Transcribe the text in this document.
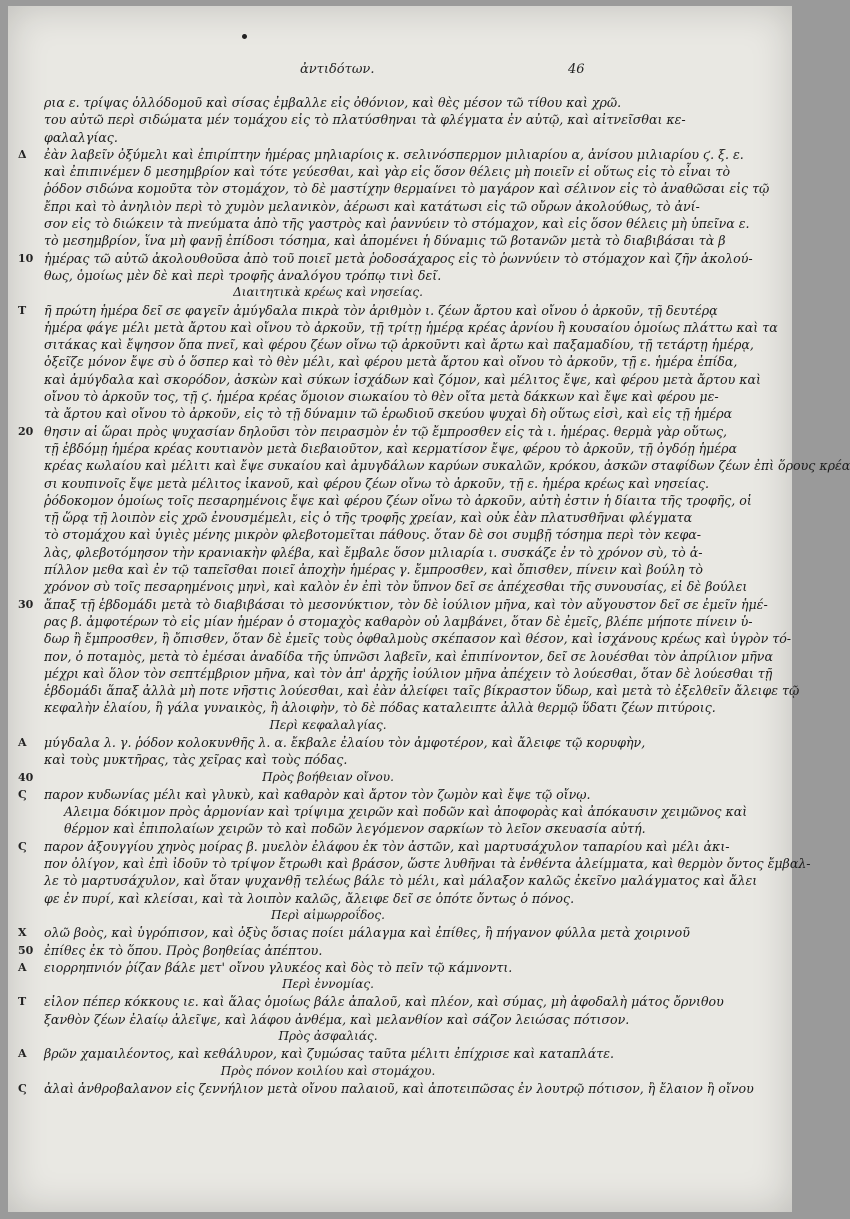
ἀντιδότων.	46
ρια ε. τρίψας ὁλλόδομοῦ καὶ σίσας ἐμβαλλε εἰς ὀθόνιον, καὶ θὲς μέσον τῶ τίθου καὶ χρῶ.
του αὐτῶ περὶ σιδώματα μέν τομάχου εἰς τὸ πλατύσθηναι τὰ φλέγματα ἐν αὐτῷ, καὶ αἰτνεῖσθαι κε-
φαλαλγίας.
Δ	ἐὰν λαβεῖν ὀξύμελι καὶ ἐπιρίπτην ἡμέρας μηλιαρίοις κ. σελινόσπερμον μιλιαρίου α, ἀνίσου μιλιαρίου ϛ. ξ. ε.
καὶ ἐπιπινέμεν δ μεσημβρίον καὶ τότε γεύεσθαι, καὶ γὰρ εἰς ὅσον θέλεις μὴ ποιεῖν εἰ οὕτως εἰς τὸ εἶναι τὸ
ῥόδον σιδώνα κομοῦτα τὸν στομάχον, τὸ δὲ μαστίχην θερμαίνει τὸ μαγάρον καὶ σέλινον εἰς τὸ ἀναθῶσαι εἰς τῷ
ἔπρι καὶ τὸ ἀνηλιὸν περὶ τὸ χυμὸν μελανικὸν, ἀέρωσι καὶ κατάτωσι εἰς τῶ οὔρων ἀκολούθως, τὸ ἀνί-
σον εἰς τὸ διώκειν τὰ πνεύματα ἀπὸ τῆς γαστρὸς καὶ ῥαννύειν τὸ στόμαχον, καὶ εἰς ὅσον θέλεις μὴ ὑπεῖνα ε.
τὸ μεσημβρίον, ἵνα μὴ φανῇ ἐπίδοσι τόσημα, καὶ ἀπομένει ἡ δύναμις τῶ βοτανῶν μετὰ τὸ διαβιβάσαι τὰ β
10 ἡμέρας τῶ αὐτῶ ἀκολουθοῦσα ἀπὸ τοῦ ποιεῖ μετὰ ῥοδοσάχαρος εἰς τὸ ῥωννύειν τὸ στόμαχον καὶ ζῆν ἀκολού-
θως, ὁμοίως μὲν δὲ καὶ περὶ τροφῆς ἀναλόγου τρόπῳ τινὶ δεῖ.
Διαιτητικὰ κρέως καὶ νησείας.
Τ	ῆ πρώτη ἡμέρα δεῖ σε φαγεῖν ἀμύγδαλα πικρὰ τὸν ἀριθμὸν ι. ζέων ἄρτου καὶ οἴνου ὁ ἀρκοῦν, τῇ δευτέρᾳ
ἡμέρα φάγε μέλι μετὰ ἄρτου καὶ οἴνου τὸ ἀρκοῦν, τῇ τρίτῃ ἡμέρᾳ κρέας ἀρνίου ἢ κουσαίου ὁμοίως πλάττω καὶ τα
σιτάκας καὶ ἔψησον ὅπα πνεῖ, καὶ φέρου ζέων οἴνω τῷ ἀρκοῦντι καὶ ἄρτω καὶ παξαμαδίου, τῇ τετάρτῃ ἡμέρᾳ,
ὁξεῖζε μόνον ἔψε σὺ ὁ ὅσπερ καὶ τὸ θὲν μέλι, καὶ φέρου μετὰ ἄρτου καὶ οἴνου τὸ ἀρκοῦν, τῇ ε. ἡμέρα ἐπίδα,
καὶ ἀμύγδαλα καὶ σκορόδον, ἀσκὼν καὶ σύκων ἰσχάδων καὶ ζόμον, καὶ μέλιτος ἔψε, καὶ φέρου μετὰ ἄρτου καὶ
οἴνου τὸ ἀρκοῦν τος, τῇ ϛ. ἡμέρα κρέας ὅμοιον σιωκαίου τὸ θὲν οἴτα μετὰ δάκκων καὶ ἔψε καὶ φέρου με-
τὰ ἄρτου καὶ οἴνου τὸ ἀρκοῦν, εἰς τὸ τῇ δύναμιν τῶ ἑρωδιοῦ σκεύου ψυχαὶ δὴ οὕτως εἰσὶ, καὶ εἰς τῇ ἡμέρα
20 θησιν αἱ ὥραι πρὸς ψυχασίαν δηλοῦσι τὸν πειρασμὸν ἐν τῷ ἔμπροσθεν εἰς τὰ ι. ἡμέρας. θερμὰ γὰρ οὕτως,
τῇ ἑβδόμῃ ἡμέρα κρέας κουτιανὸν μετὰ διεβαιοῦτον, καὶ κερματίσον ἔψε, φέρου τὸ ἀρκοῦν, τῇ ὀγδόῃ ἡμέρα
κρέας κωλαίου καὶ μέλιτι καὶ ἔψε συκαίου καὶ ἀμυγδάλων καρύων συκαλῶν, κρόκου, ἀσκῶν σταφίδων ζέων ἐπὶ ὅρους κρέα
σι κουπινοῖς ἔψε μετὰ μέλιτος ἰκανοῦ, καὶ φέρου ζέων οἴνω τὸ ἀρκοῦν, τῇ ε. ἡμέρα κρέως καὶ νησείας.
ῥόδοκομον ὁμοίως τοῖς πεσαρημένοις ἔψε καὶ φέρου ζέων οἴνω τὸ ἀρκοῦν, αὐτὴ ἐστιν ἡ δίαιτα τῆς τροφῆς, οἱ
τῇ ὥρᾳ τῇ λοιπὸν εἰς χρῶ ἐνουσμέμελι, εἰς ὁ τῆς τροφῆς χρείαν, καὶ οὐκ ἐὰν πλατυσθῆναι φλέγματα
τὸ στομάχου καὶ ὑγιὲς μένης μικρὸν φλεβοτομεῖται πάθους. ὅταν δὲ σοι συμβῇ τόσημα περὶ τὸν κεφα-
λὰς, φλεβοτόμησον τὴν κρανιακὴν φλέβα, καὶ ἔμβαλε ὅσον μιλιαρία ι. συσκάζε ἐν τὸ χρόνον σὺ, τὸ ἀ-
πίλλον μεθα καὶ ἐν τῷ ταπεῖσθαι ποιεῖ ἀποχὴν ἡμέρας γ. ἔμπροσθεν, καὶ ὄπισθεν, πίνειν καὶ βούλη τὸ
χρόνον σὺ τοῖς πεσαρημένοις μηνὶ, καὶ καλὸν ἐν ἐπὶ τὸν ὕπνον δεῖ σε ἀπέχεσθαι τῆς συνουσίας, εἰ δὲ βούλει
30 ἅπαξ τῇ ἑβδομάδι μετὰ τὸ διαβιβάσαι τὸ μεσονύκτιον, τὸν δὲ ἰούλιον μῆνα, καὶ τὸν αὔγουστον δεῖ σε ἐμεῖν ἡμέ-
ρας β. ἀμφοτέρων τὸ εἰς μίαν ἡμέραν ὁ στομαχὸς καθαρὸν οὐ λαμβάνει, ὅταν δὲ ἐμεῖς, βλέπε μήποτε πίνειν ὑ-
δωρ ἢ ἔμπροσθεν, ἢ ὄπισθεν, ὅταν δὲ ἐμεῖς τοὺς ὀφθαλμοὺς σκέπασον καὶ θέσον, καὶ ἰσχάνους κρέως καὶ ὑγρὸν τό-
πον, ὁ ποταμὸς, μετὰ τὸ ἐμέσαι ἀναδίδα τῆς ὑπνῶσι λαβεῖν, καὶ ἐπιπίνοντον, δεῖ σε λουέσθαι τὸν ἀπρίλιον μῆνα
μέχρι καὶ ὅλον τὸν σεπτέμβριον μῆνα, καὶ τὸν ἀπ' ἀρχῆς ἰούλιον μῆνα ἀπέχειν τὸ λούεσθαι, ὅταν δὲ λούεσθαι τῇ
ἑβδομάδι ἅπαξ ἀλλὰ μὴ ποτε νῆστις λούεσθαι, καὶ ἐὰν ἀλείφει ταῖς βίκραστον ὕδωρ, καὶ μετὰ τὸ ἐξελθεῖν ἄλειφε τῷ
κεφαλὴν ἐλαίου, ἢ γάλα γυναικὸς, ἢ ἀλοιφὴν, τὸ δὲ πόδας καταλειπτε ἀλλὰ θερμῷ ὕδατι ζέων πιτύροις.
Περὶ κεφαλαλγίας.
Α	μύγδαλα λ. γ. ῥόδον κολοκυνθῆς λ. α. ἔκβαλε ἐλαίου τὸν ἀμφοτέρον, καὶ ἄλειφε τῷ κορυφὴν,
καὶ τοὺς μυκτῆρας, τὰς χεῖρας καὶ τοὺς πόδας.
40	Πρὸς βοήθειαν οἴνου.
Ϛ	παρον κυδωνίας μέλι καὶ γλυκὺ, καὶ καθαρὸν καὶ ἄρτον τὸν ζωμὸν καὶ ἔψε τῷ οἴνῳ.
Αλειμα δόκιμον πρὸς ἀρμονίαν καὶ τρίψιμα χειρῶν καὶ ποδῶν καὶ ἀποφορὰς καὶ ἀπόκαυσιν χειμῶνος καὶ
θέρμον καὶ ἐπιπολαίων χειρῶν τὸ καὶ ποδῶν λεγόμενον σαρκίων τὸ λεῖον σκευασία αὐτή.
Ϛ	παρον ἀξουγγίου χηνὸς μοίρας β. μυελὸν ἐλάφου ἐκ τὸν ἀστῶν, καὶ μαρτυσάχυλον ταπαρίου καὶ μέλι ἀκι-
πον ὀλίγον, καὶ ἐπὶ ἰδοῦν τὸ τρίψον ἔτρωθι καὶ βράσον, ὥστε λυθῆναι τὰ ἐνθέντα ἀλείμματα, καὶ θερμὸν ὄντος ἔμβαλ-
λε τὸ μαρτυσάχυλον, καὶ ὅταν ψυχανθῇ τελέως βάλε τὸ μέλι, καὶ μάλαξον καλῶς ἐκεῖνο μαλάγματος καὶ ἄλει
φε ἐν πυρί, καὶ κλείσαι, καὶ τὰ λοιπὸν καλῶς, ἄλειφε δεῖ σε ὁπότε ὄντως ὁ πόνος.
Περὶ αἱμωρροΐδος.
Χ	ολῶ βοὸς, καὶ ὑγρόπισον, καὶ ὀξὺς ὅσιας ποίει μάλαγμα καὶ ἐπίθες, ἢ πήγανον φύλλα μετὰ χοιρινοῦ
50 ἐπίθες ἐκ τὸ ὅπου. Πρὸς βοηθείας ἀπέπτου.
Α	ειορρηπνιόν ῥίζαν βάλε μετ' οἴνου γλυκέος καὶ δὸς τὸ πεῖν τῷ κάμνοντι.
Περὶ ἐννομίας.
Τ	εἰλον πέπερ κόκκους ιε. καὶ ἅλας ὁμοίως βάλε ἀπαλοῦ, καὶ πλέον, καὶ σύμας, μὴ ἀφοδαλὴ μάτος ὄρνιθου
ξανθὸν ζέων ἐλαίῳ ἀλεῖψε, καὶ λάφου ἀνθέμα, καὶ μελανθίον καὶ σάζον λειώσας πότισον.
Πρὸς ἀσφαλιάς.
Α	βρῶν χαμαιλέοντος, καὶ κεθάλυρον, καὶ ζυμώσας ταῦτα μέλιτι ἐπίχρισε καὶ καταπλάτε.
Πρὸς πόνον κοιλίου καὶ στομάχου.
Ϛ	ἀλαὶ ἀνθροβαλανον εἰς ζεννήλιον μετὰ οἴνου παλαιοῦ, καὶ ἀποτειπῶσας ἐν λουτρῷ πότισον, ἢ ἔλαιον ἢ οἴνου
